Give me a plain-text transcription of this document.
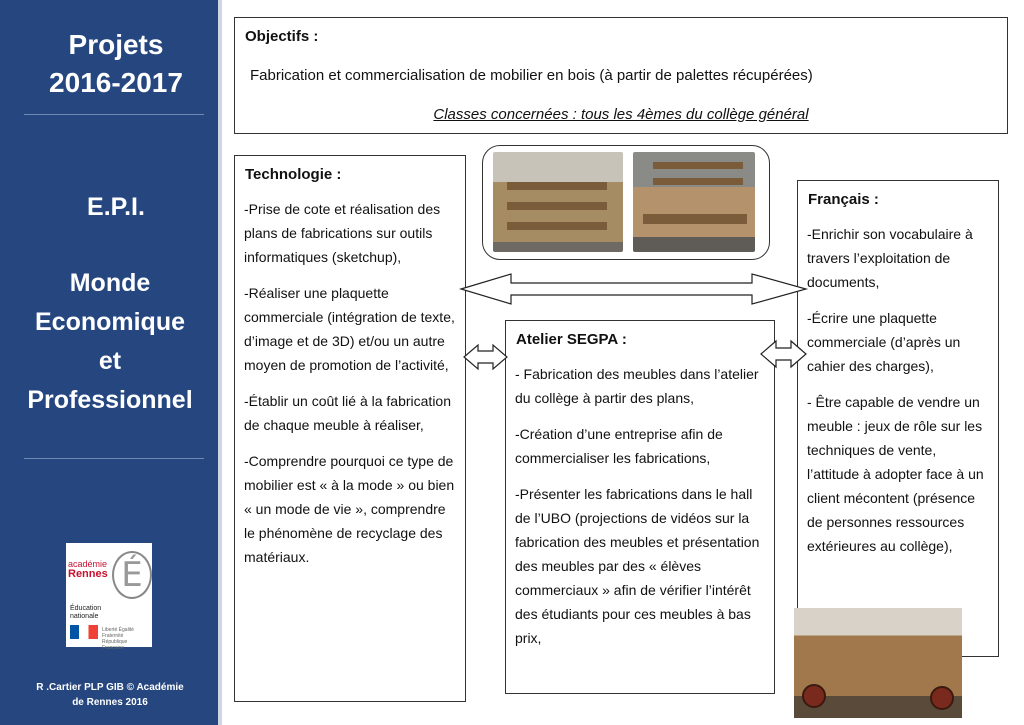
Projets
2016-2017
E.P.I.
Monde
Economique
et
Professionnel
académie
Rennes É
Éducation
nationale
Liberté Égalité Fraternité République Française
R .Cartier PLP GIB © Académie
de Rennes 2016
Objectifs :
Fabrication et commercialisation de mobilier en bois (à partir de palettes récupérées)
Classes concernées : tous les 4èmes du collège général
Technologie :
-Prise de cote et réalisation des plans de fabrications sur outils informatiques (sketchup),
-Réaliser une plaquette commerciale (intégration de texte, d’image et de 3D) et/ou un autre moyen de promotion de l’activité,
-Établir un coût lié à la fabrication de chaque meuble à réaliser,
-Comprendre pourquoi ce type de mobilier est « à la mode » ou bien « un mode de vie », comprendre le phénomène de recyclage des matériaux.
Atelier SEGPA :
- Fabrication des meubles dans l’atelier du collège à partir des plans,
-Création d’une entreprise afin de commercialiser les fabrications,
-Présenter les fabrications dans le hall de l’UBO (projections de vidéos sur la fabrication des meubles et présentation des meubles par des « élèves commerciaux » afin de vérifier l’intérêt des étudiants pour ces meubles à bas prix,
Français :
-Enrichir son vocabulaire à travers l’exploitation de documents,
-Écrire une plaquette commerciale (d’après un cahier des charges),
- Être capable de vendre un meuble : jeux de rôle sur les techniques de vente, l’attitude à adopter face à un client mécontent (présence de personnes ressources extérieures au collège),
